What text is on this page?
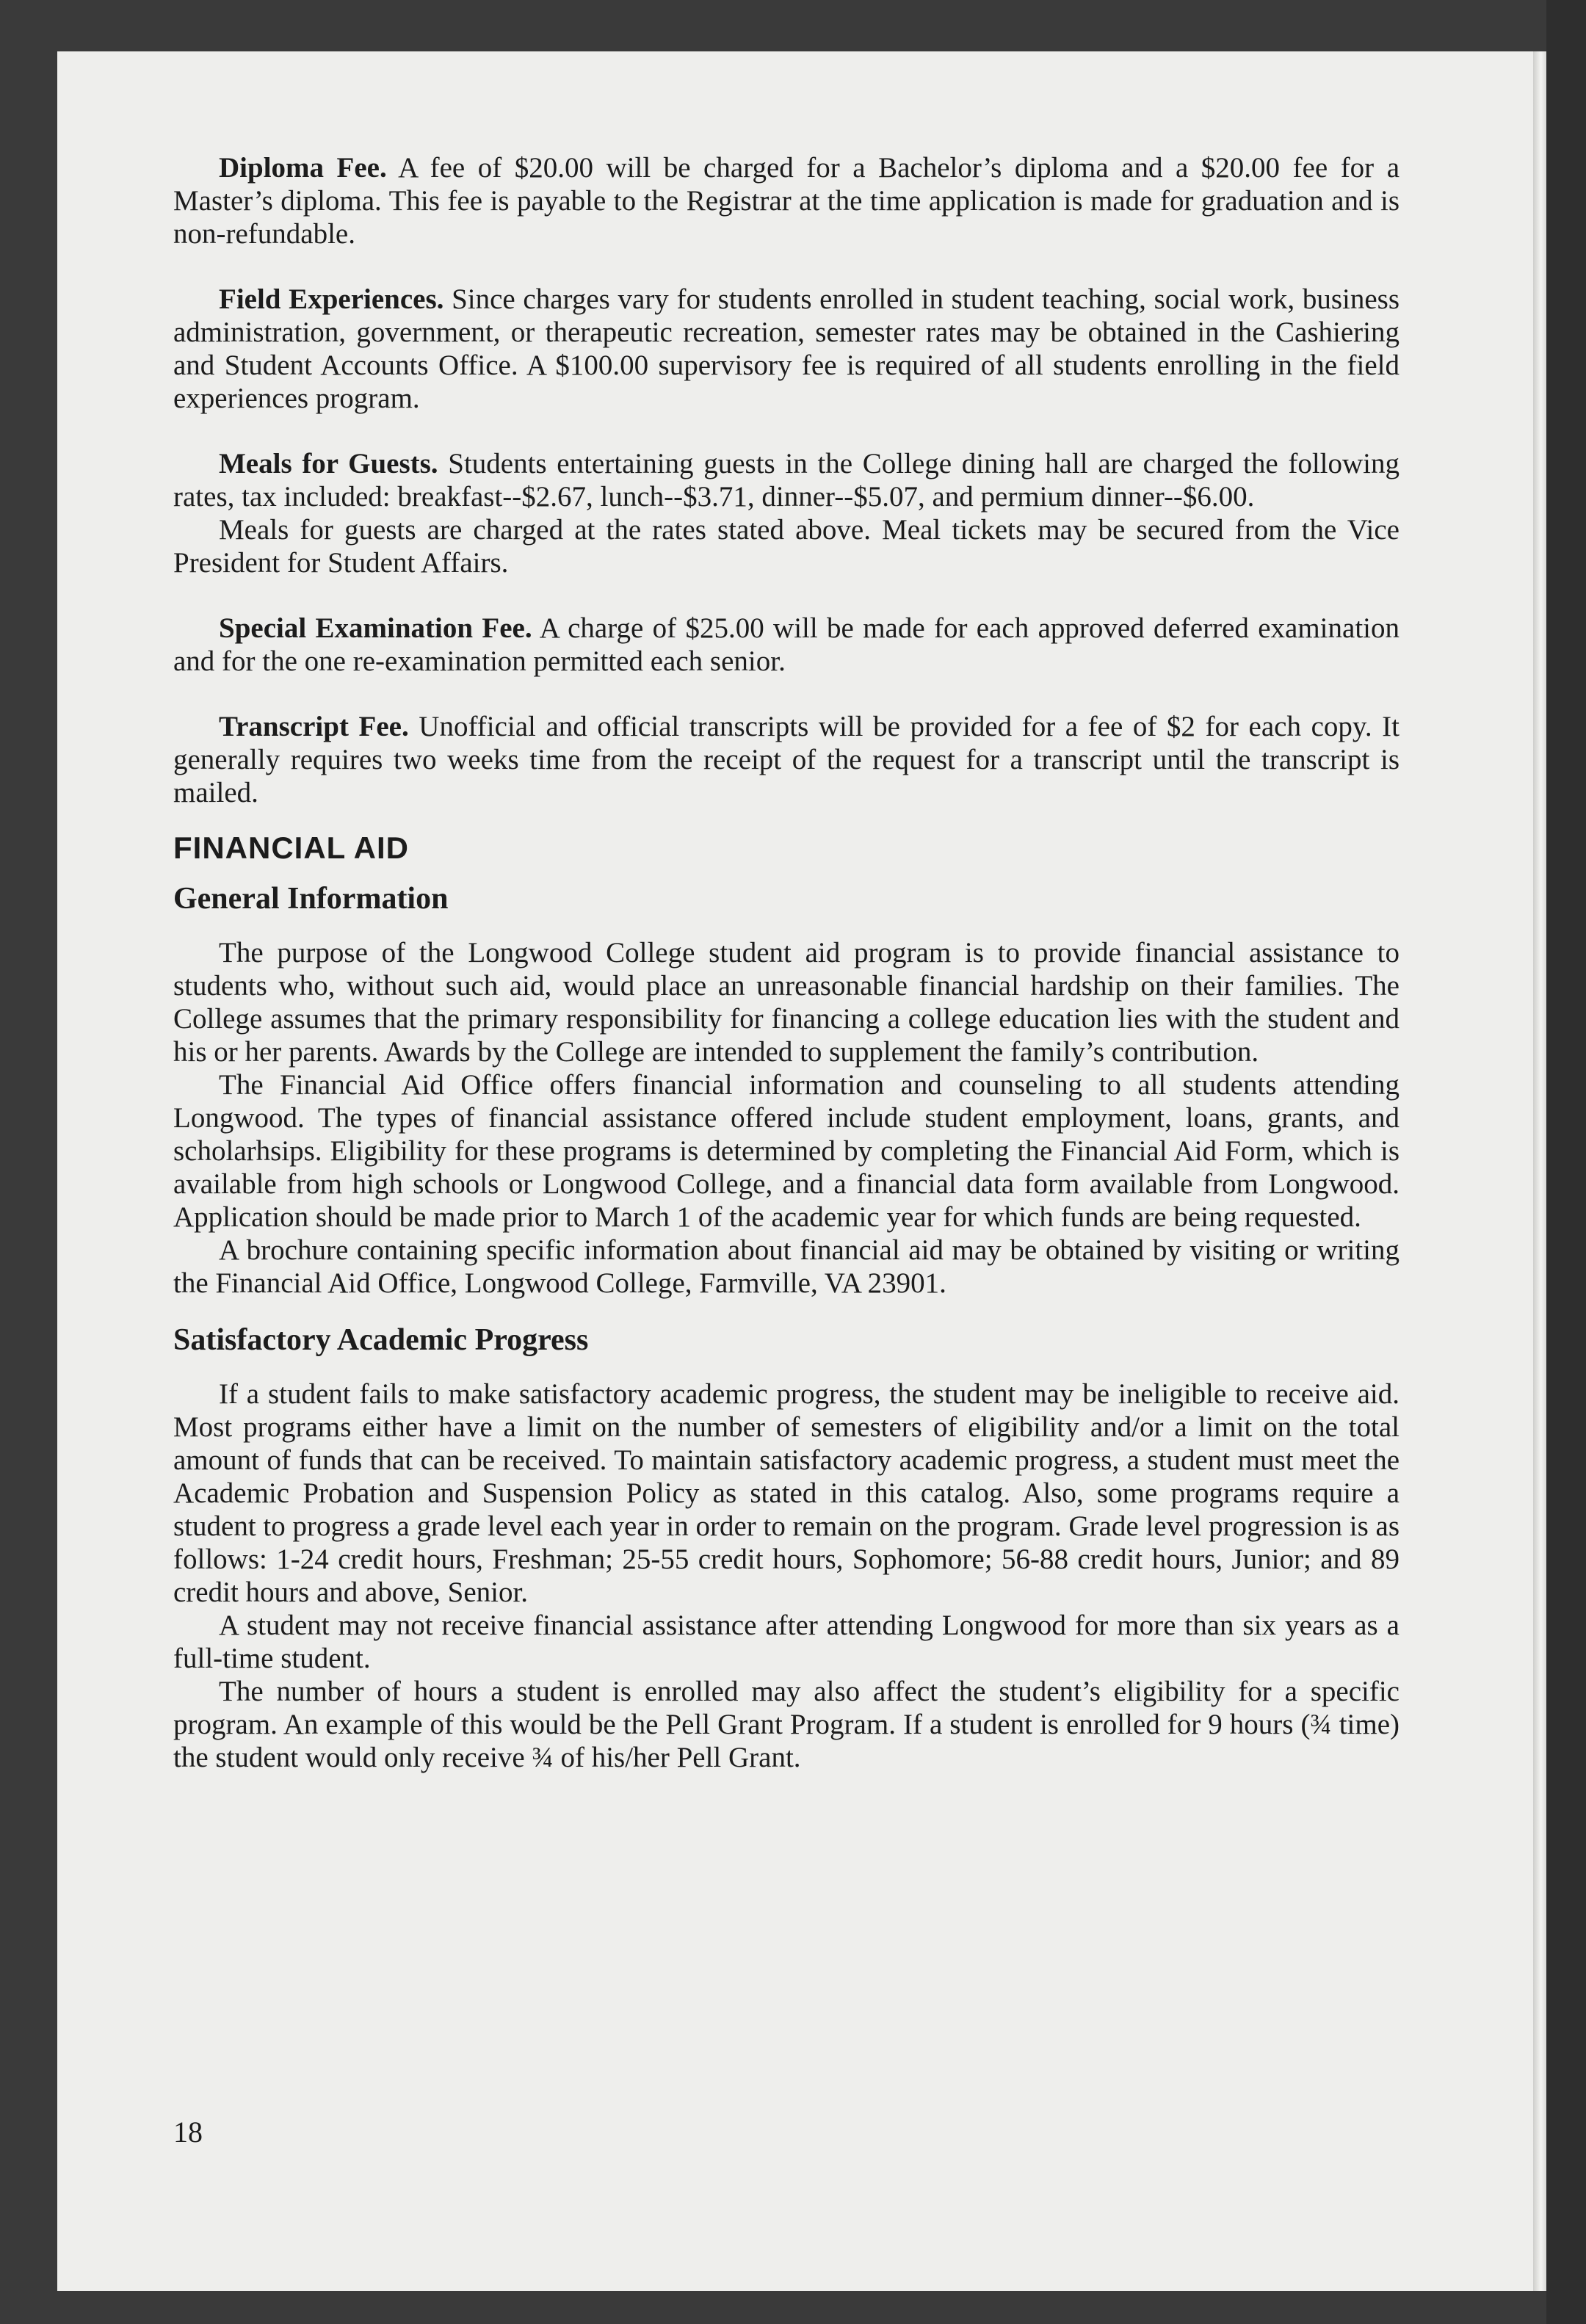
Diploma Fee. A fee of $20.00 will be charged for a Bachelor’s diploma and a $20.00 fee for a Master’s diploma. This fee is payable to the Registrar at the time application is made for graduation and is non-refundable.

Field Experiences. Since charges vary for students enrolled in student teaching, social work, business administration, government, or therapeutic recreation, semester rates may be obtained in the Cashiering and Student Accounts Office. A $100.00 supervisory fee is required of all students enrolling in the field experiences program.

Meals for Guests. Students entertaining guests in the College dining hall are charged the following rates, tax included: breakfast--$2.67, lunch--$3.71, dinner--$5.07, and permium dinner--$6.00.

Meals for guests are charged at the rates stated above. Meal tickets may be secured from the Vice President for Student Affairs.

Special Examination Fee. A charge of $25.00 will be made for each approved deferred examination and for the one re-examination permitted each senior.

Transcript Fee. Unofficial and official transcripts will be provided for a fee of $2 for each copy. It generally requires two weeks time from the receipt of the request for a transcript until the transcript is mailed.

FINANCIAL AID
General Information

The purpose of the Longwood College student aid program is to provide financial assistance to students who, without such aid, would place an unreasonable financial hardship on their families. The College assumes that the primary responsibility for financing a college education lies with the student and his or her parents. Awards by the College are intended to supplement the family’s contribution.

The Financial Aid Office offers financial information and counseling to all students attending Longwood. The types of financial assistance offered include student employment, loans, grants, and scholarhsips. Eligibility for these programs is determined by completing the Financial Aid Form, which is available from high schools or Longwood College, and a financial data form available from Longwood. Application should be made prior to March 1 of the academic year for which funds are being requested.

A brochure containing specific information about financial aid may be obtained by visiting or writing the Financial Aid Office, Longwood College, Farmville, VA 23901.

Satisfactory Academic Progress

If a student fails to make satisfactory academic progress, the student may be ineligible to receive aid. Most programs either have a limit on the number of semesters of eligibility and/or a limit on the total amount of funds that can be received. To maintain satisfactory academic progress, a student must meet the Academic Probation and Suspension Policy as stated in this catalog. Also, some programs require a student to progress a grade level each year in order to remain on the program. Grade level progression is as follows: 1-24 credit hours, Freshman; 25-55 credit hours, Sophomore; 56-88 credit hours, Junior; and 89 credit hours and above, Senior.

A student may not receive financial assistance after attending Longwood for more than six years as a full-time student.

The number of hours a student is enrolled may also affect the student’s eligibility for a specific program. An example of this would be the Pell Grant Program. If a student is enrolled for 9 hours (¾ time) the student would only receive ¾ of his/her Pell Grant.

18
